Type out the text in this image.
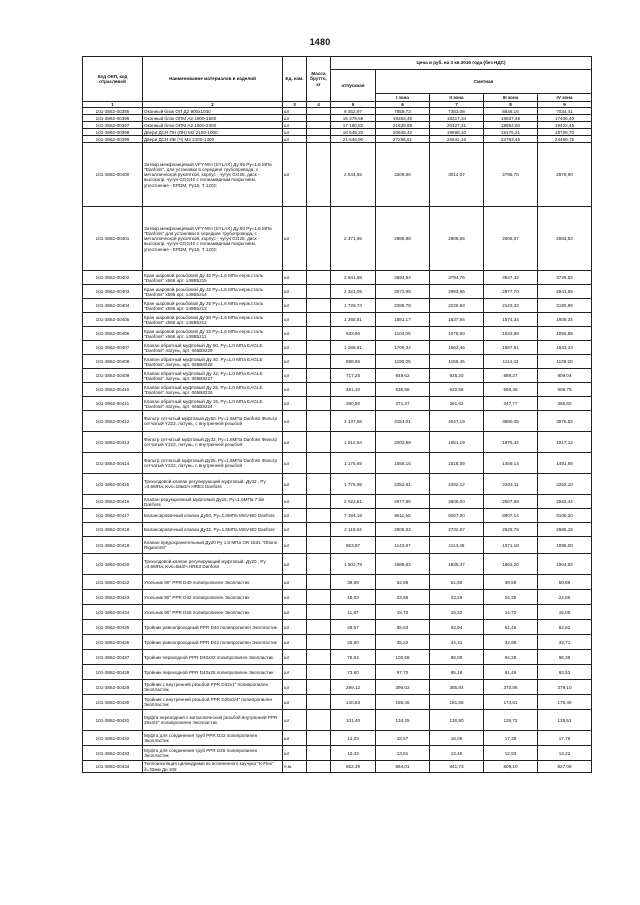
1480
Код ОКП, код отраслевой	Наименование материалов и изделий	Ед. изм.	Масса брутто, кг	Цена в руб. на 3 кв 2016 года (без НДС)				
				отпускная	Сметная			
					I зона	II зона	III зона	IV зона
1	2	3	4	5	6	7	8	9
101-3862-00395	Оконный блок ОП Д2 900х1000	шт		6 352,97	7859,73	7383,08	6848,16	7034,41
101-3862-00396	Оконный блок ОПМ А2 1800-1500	шт		15 379,59	19353,49	18217,34	16837,48	17406,40
101-3862-00397	Оконный блок ОПМ А2 1500-2300	шт		17 160,82	21639,69	20327,31	18854,60	19422,45
101-3862-00398	Двери ДСН ПН (ЛН) М2 2100-1000	шт		16 545,20	20845,42	19598,10	18176,21	18725,70
101-3862-00399	Двери ДСН ИВ (Ч) М2 2100-1300	шт		21 646,90	27296,61	25641,16	23783,45	24499,75
101-3862-00400	Затвор межфланцевый VFY-WH (SYLAX) Ду 65 Ру=1,6 МПа "Danfoss", для установки в середине трубопровода, с металлической рукояткой, корпус - чугун GG25, диск - высокопр. чугун GGG40 с полиамидным покрытием, уплотнение - EPDM, Ру16, Т 120С	шт		2 544,55	3208,66	3014,07	2795,70	2879,90
101-3862-00401	Затвор межфланцевый VFY-WH (SYLAX) Ду 50 Ру=1,6 МПа "Danfoss" для установки в середине трубопровода, с металлической рукояткой, корпус - чугун GG25, диск - высокопр. чугун GGG40 с полиамидным покрытием, уплотнение - EPDM, Ру16, Т 120С	шт		2 371,65	2989,88	2808,55	2605,07	2683,53
101-3862-00402	Кран шаровой резьбовой Ду 40 Ру=1,6 МПа нерж.сталь "Danfoss" х566 арт. 149B5215	шт		2 941,69	3694,94	3794,76	3647,42	3728,52
101-3862-00403	Кран шаровой резьбовой Ду 32 Ру=1,6 МПа нерж.сталь "Danfoss" х566 арт. 149B5214	шт		2 321,05	3072,98	2983,96	2877,70	2941,69
101-3862-00404	Кран шаровой резьбовой Ду 25 Ру=1,6 МПа нерж.сталь "Danfoss" х566 арт. 149B5212	шт		1 728,74	2288,78	2226,93	2143,33	2190,99
101-3862-00405	Кран шаровой резьбовой Ду 20 Ру=1,6 МПа нерж.сталь "Danfoss" х566 арт. 149B5212	шт		1 268,81	1681,17	1637,94	1574,34	1609,34
101-3862-00406	Кран шаровой резьбовой Ду 15 Ру=1,6 МПа нерж.сталь "Danfoss" х566 арт. 149B5211	шт		833,90	1104,05	1075,60	1033,89	1056,88
101-3862-00407	Клапан обратный муфтовый Ду 50, Ру=1,0 МПа EAGLE "Danfoss" латунь, арт. 065B8229	шт		1 288,81	1709,34	1662,46	1597,91	1633,43
101-3862-00408	Клапан обратный муфтовый Ду 40, Ру=1,0 МПа EAGLE "Danfoss" латунь, арт. 065B8228	шт		898,86	1190,05	1159,45	1114,43	1139,20
101-3862-00409	Клапан обратный муфтовый Ду 32, Ру=1,0 МПа EAGLE "Danfoss" латунь, арт. 065B8227	шт		717,25	949,62	925,20	889,27	909,04
101-3862-00410	Клапан обратный муфтовый Ду 25, Ру=1,0 МПа EAGLE "Danfoss" латунь, арт. 065B8226	шт		481,10	636,96	620,58	596,48	609,75
101-3862-00411	Клапан обратный муфтовый Ду 15, Ру=1,0 МПа EAGLE "Danfoss" латунь, арт. 065B8224	шт		280,50	371,37	361,82	347,77	355,50
101-3862-00412	Фильтр сетчатый муфтовый Ду50, Ру=1,6МПа Danfoss Фильтр сетчатый Y222, латунь, с внутренней резьбой	шт		3 137,56	4154,01	4047,19	3890,05	3976,52
101-3862-00413	Фильтр сетчатый муфтовый Ду32, Ру=1,6МПа Danfoss Фильтр сетчатый Y222, латунь, с внутренней резьбой	шт		1 512,64	2002,68	1951,19	1875,42	1917,12
101-3862-00414	Фильтр сетчатый муфтовый Ду25, Ру=1,6МПа Danfoss Фильтр сетчатый Y222, латунь, с внутренней резьбой	шт		1 176,69	1558,16	1518,09	1459,14	1491,56
101-3862-00415	Трехходовой клапан регулирующий муфтовый. Ду32 , Ру =0,6МПа, Kvs=18м3/ч HRE3 Danfoss	шт		1 776,95	2352,61	2292,12	2203,11	2252,10
101-3862-00416	Клапан редукционный муфтовый Ду15, Ру=1,6МПа 7 bis Danfoss	шт		2 022,61	2677,86	2609,00	2507,69	2563,44
101-3862-00417	Балансировочный клапан Ду50, Ру=1,6МПа MSV-BD Danfoss	шт		7 184,19	9511,55	9267,00	8907,14	9105,20
101-3862-00418	Балансировочный клапан Ду32, Ру=1,6МПа MSV-BD Danfoss	шт		2 118,64	2805,03	2732,87	2626,75	2685,16
101-3862-00419	Клапан предохранительный Ду20 Ру 1,6 МПа OR 1631 "Ottone Rigamonti"	шт		863,97	1143,87	1114,46	1071,18	1095,00
101-3862-00420	Трехходовой клапан регулирующий муфтовый. Ду20 , Ру =0,6МПа, Kvs=6м3/ч HRE3 Danfoss	шт		1 502,79	1989,63	1938,47	1863,20	1904,63
101-3862-00422	Угольник 90° PPR D40 полипропилен Экопластик	шт		39,99	52,95	51,59	49,58	50,69
101-3862-00423	Угольник 90° PPR D32 полипропилен Экопластик	шт		18,03	23,86	23,25	22,35	22,85
101-3862-00424	Угольник 90° PPR D25 полипропилен Экопластик	шт		11,87	15,72	15,32	14,72	15,05
101-3862-00425	Тройник равнопроходный PPR D40 полипропилен Экопластик	шт		49,57	65,63	63,94	61,46	62,82
101-3862-00426	Тройник равнопроходный PPR D32 полипропилен Экопластик	шт		26,60	35,22	34,31	32,98	33,71
101-3862-00427	Тройник переходной PPR D40х32 полипропилен Экопластик	шт		76,04	100,68	98,09	94,28	96,38
101-3862-00428	Тройник переходной PPR D40х25 полипропилен Экопластик	шт		73,80	97,70	95,19	91,49	93,53
101-3862-00429	Тройник с внутренней резьбой PPR D32х1" полипропилен Экопластик	шт		299,12	396,02	385,84	370,86	379,10
101-3862-00430	Тройник с внутренней резьбой PPR D25х3/4" полипропилен Экопластик	шт		140,83	186,45	181,66	174,61	178,49
101-3862-00431	Муфта переходная с металлической резьбой внутренней PPR 25х3/4" полипропилен Экопластик	шт		101,40	134,25	130,80	125,72	128,51
101-3862-00432	Муфта для соединения труб PPR D32 полипропилен Экопластик	шт		14,03	18,57	18,09	17,39	17,78
101-3862-00433	Муфта для соединения труб PPR D25 полипропилен Экопластик	шт		10,43	13,81	13,46	12,93	13,22
101-3862-00434	Теплоизоляция цилиндрами из вспененного каучука "K-Flex" δ=32мм Дн 108	п.м.		652,39	864,01	841,73	809,10	827,09
